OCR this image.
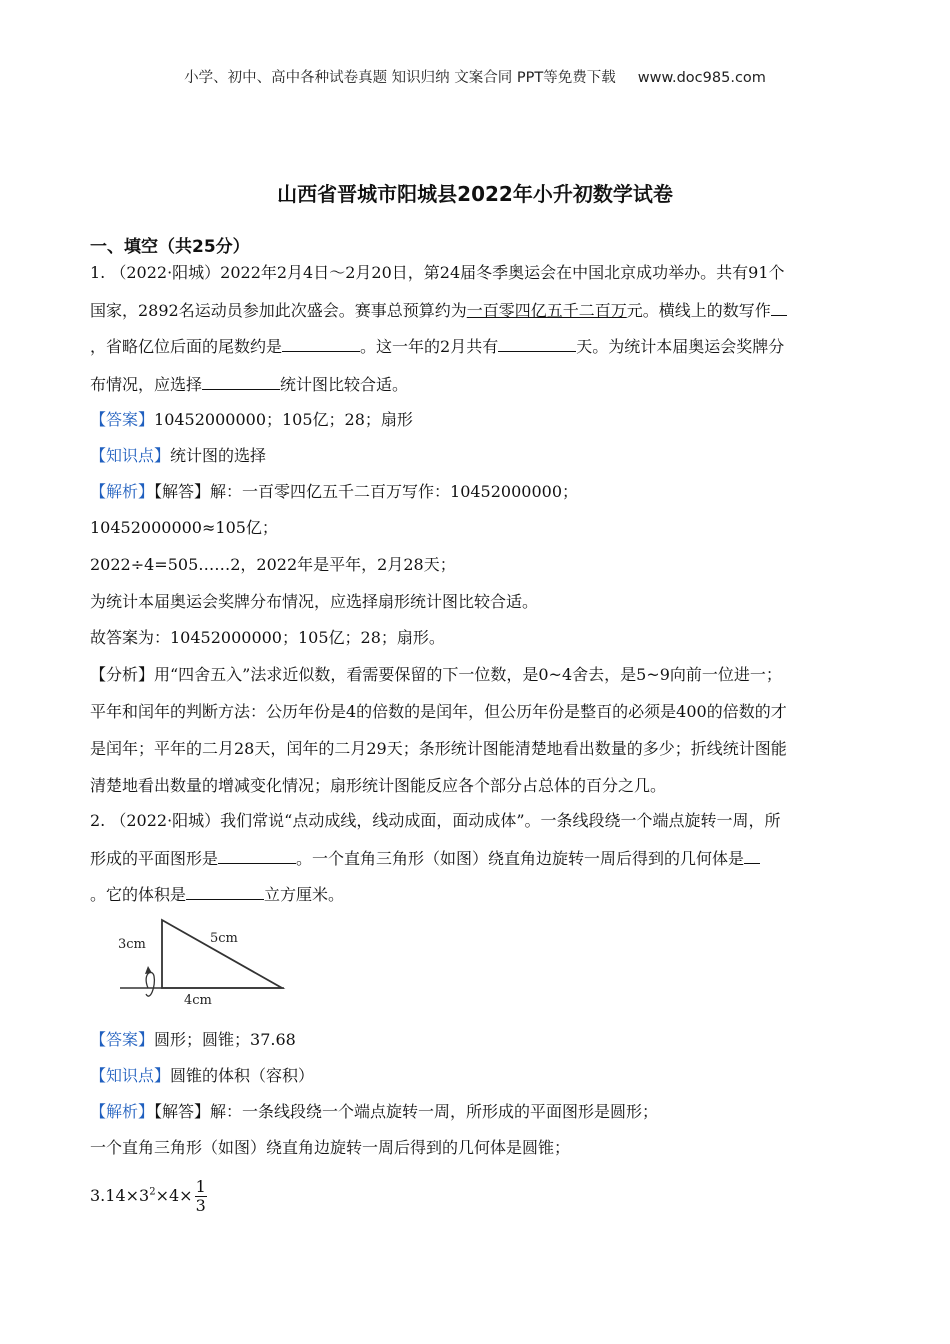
小学、初中、高中各种试卷真题 知识归纳 文案合同 PPT等免费下载 www.doc985.com
山西省晋城市阳城县2022年小升初数学试卷
一、填空（共25分）
1. （2022·阳城）2022年2月4日～2月20日，第24届冬季奥运会在中国北京成功举办。共有91个
国家，2892名运动员参加此次盛会。赛事总预算约为一百零四亿五千二百万元。横线上的数写作
，省略亿位后面的尾数约是	。这一年的2月共有	天。为统计本届奥运会奖牌分
布情况，应选择	统计图比较合适。
【答案】10452000000；105亿；28；扇形
【知识点】统计图的选择
【解析】【解答】解：一百零四亿五千二百万写作：10452000000；
10452000000≈105亿；
2022÷4=505……2，2022年是平年，2月28天；
为统计本届奥运会奖牌分布情况，应选择扇形统计图比较合适。
故答案为：10452000000；105亿；28；扇形。
【分析】用“四舍五入”法求近似数，看需要保留的下一位数，是0~4舍去，是5~9向前一位进一；
平年和闰年的判断方法：公历年份是4的倍数的是闰年，但公历年份是整百的必须是400的倍数的才
是闰年；平年的二月28天，闰年的二月29天；条形统计图能清楚地看出数量的多少；折线统计图能
清楚地看出数量的增减变化情况；扇形统计图能反应各个部分占总体的百分之几。
2. （2022·阳城）我们常说“点动成线，线动成面，面动成体”。一条线段绕一个端点旋转一周，所
形成的平面图形是	。一个直角三角形（如图）绕直角边旋转一周后得到的几何体是
。它的体积是	立方厘米。
3cm	5cm
4cm
【答案】圆形；圆锥；37.68
【知识点】圆锥的体积（容积）
【解析】【解答】解：一条线段绕一个端点旋转一周，所形成的平面图形是圆形；
一个直角三角形（如图）绕直角边旋转一周后得到的几何体是圆锥；
$3.14\times 3^2\times 4\times \frac{1}{3}$
